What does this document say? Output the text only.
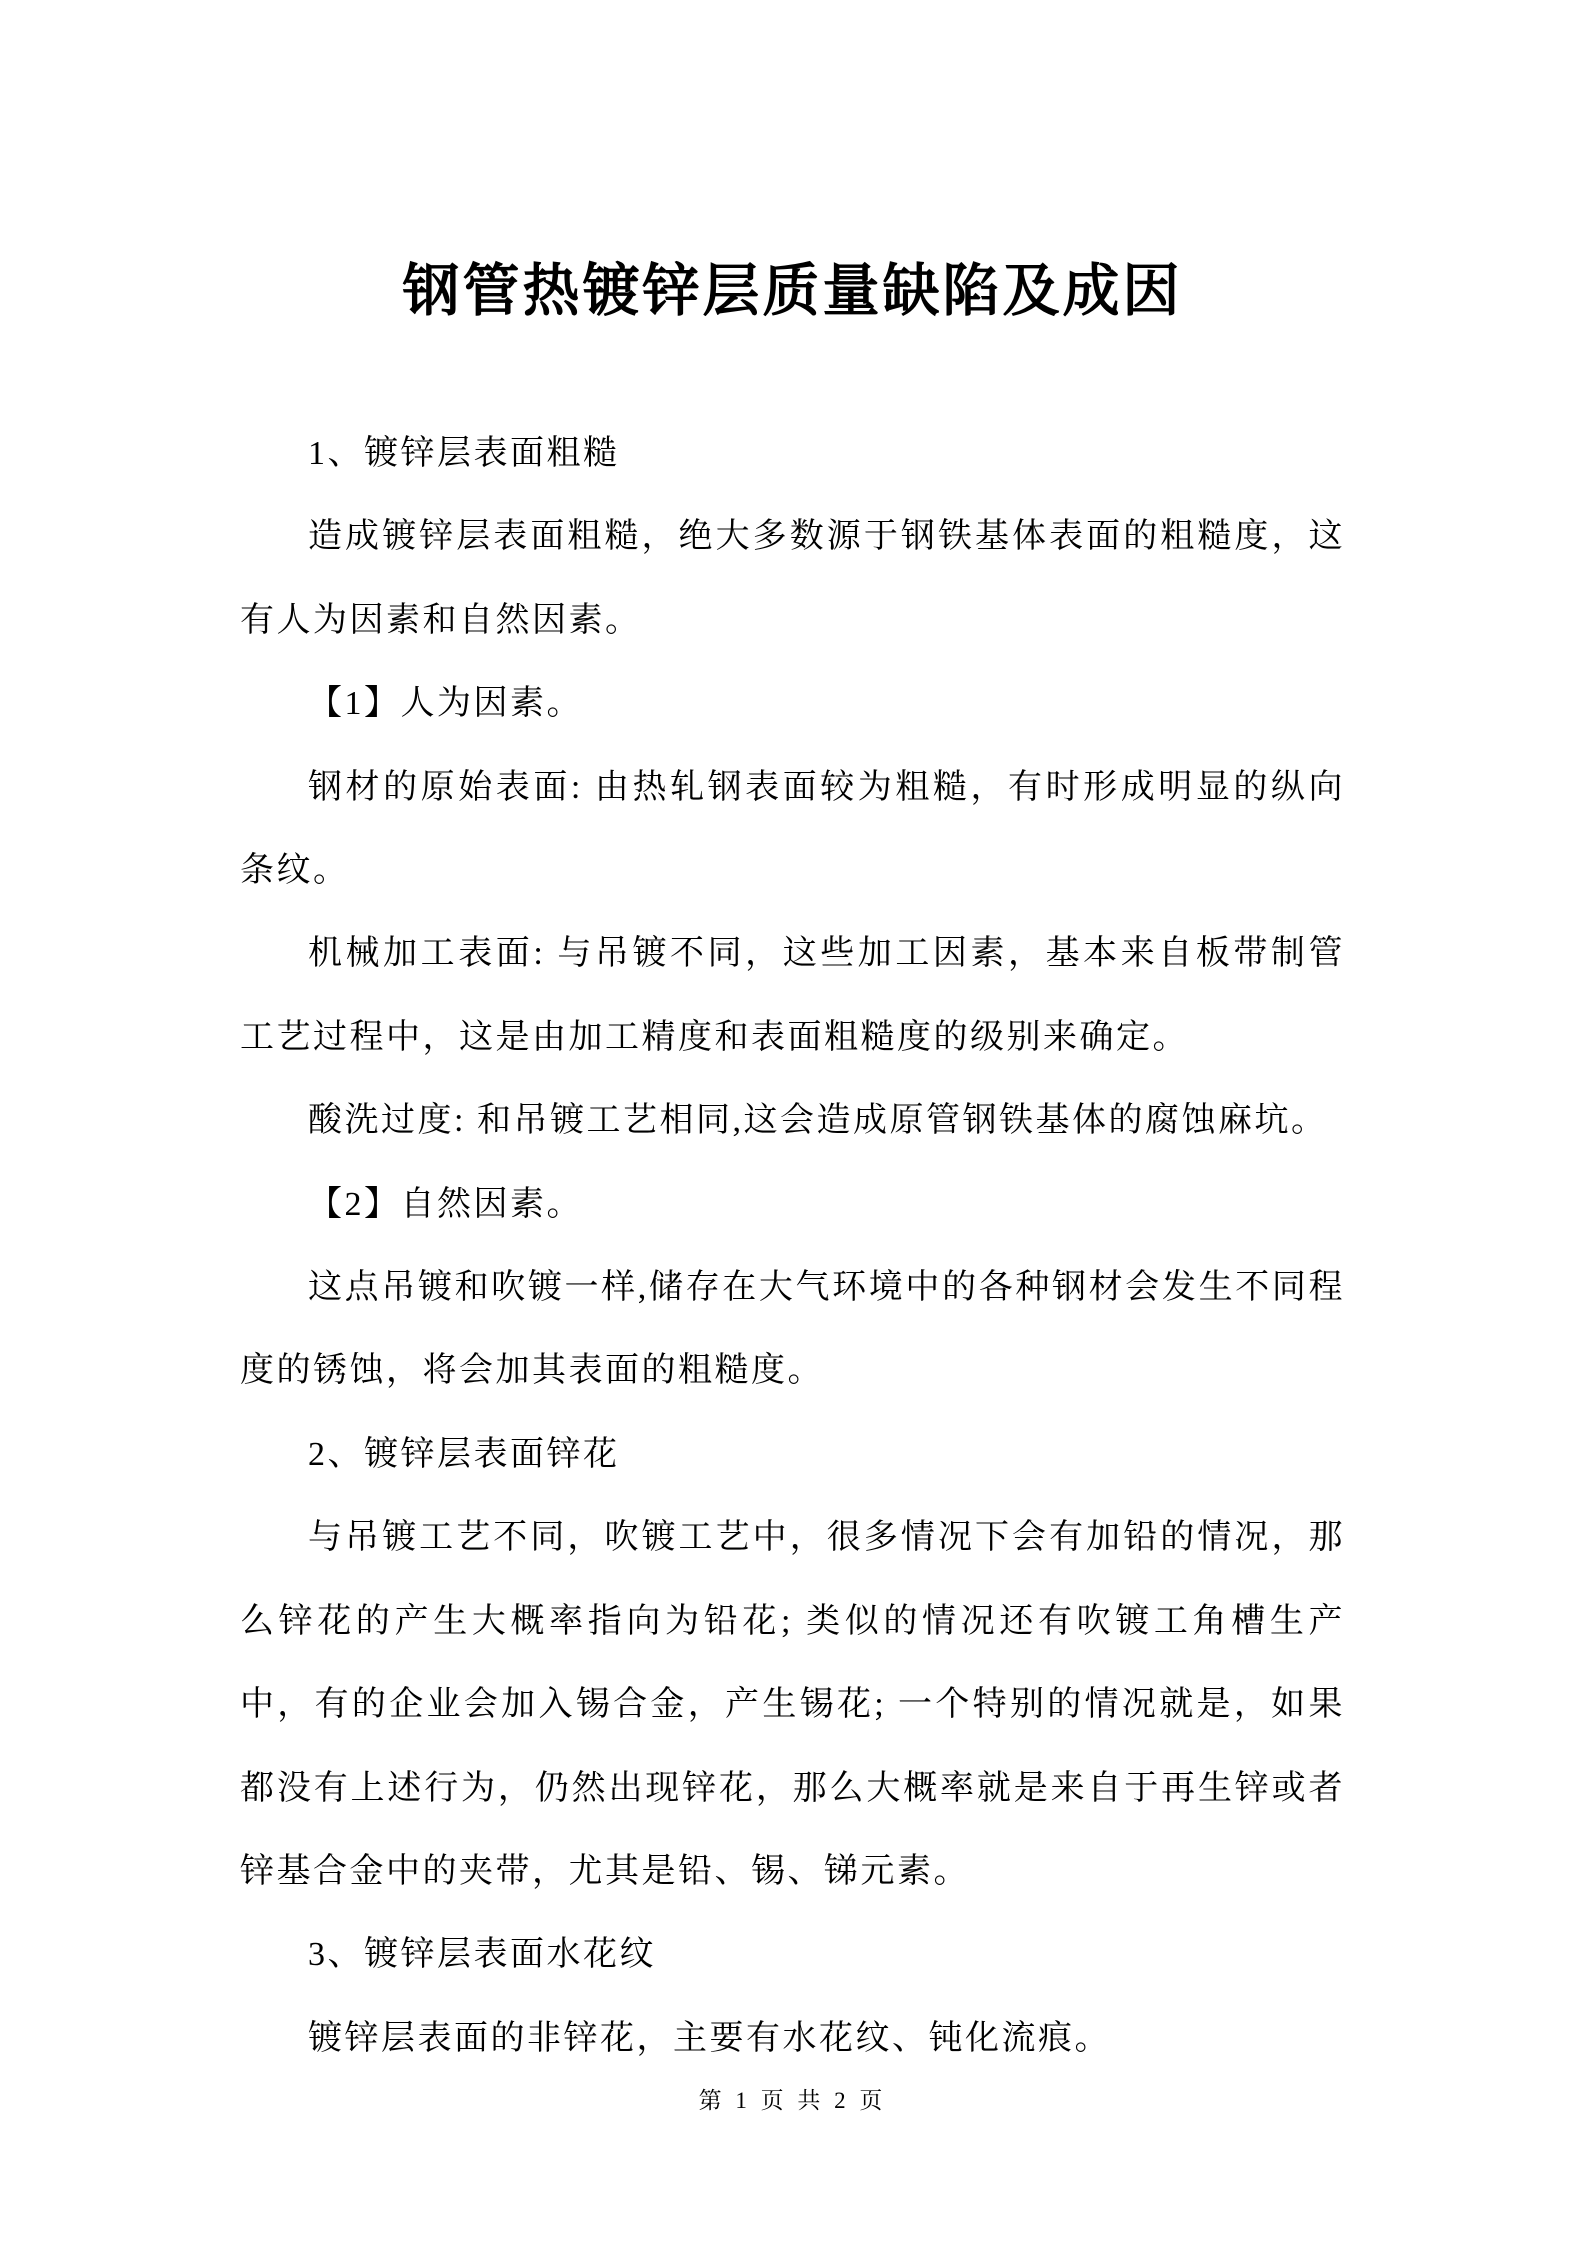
钢管热镀锌层质量缺陷及成因

1、镀锌层表面粗糙

造成镀锌层表面粗糙，绝大多数源于钢铁基体表面的粗糙度，这有人为因素和自然因素。

【1】人为因素。

钢材的原始表面: 由热轧钢表面较为粗糙，有时形成明显的纵向条纹。

机械加工表面: 与吊镀不同，这些加工因素，基本来自板带制管工艺过程中，这是由加工精度和表面粗糙度的级别来确定。

酸洗过度: 和吊镀工艺相同,这会造成原管钢铁基体的腐蚀麻坑。

【2】自然因素。

这点吊镀和吹镀一样,储存在大气环境中的各种钢材会发生不同程度的锈蚀，将会加其表面的粗糙度。

2、镀锌层表面锌花

与吊镀工艺不同，吹镀工艺中，很多情况下会有加铅的情况，那么锌花的产生大概率指向为铅花; 类似的情况还有吹镀工角槽生产中，有的企业会加入锡合金，产生锡花; 一个特别的情况就是，如果都没有上述行为，仍然出现锌花，那么大概率就是来自于再生锌或者锌基合金中的夹带，尤其是铅、锡、锑元素。

3、镀锌层表面水花纹

镀锌层表面的非锌花，主要有水花纹、钝化流痕。

第 1 页 共 2 页
